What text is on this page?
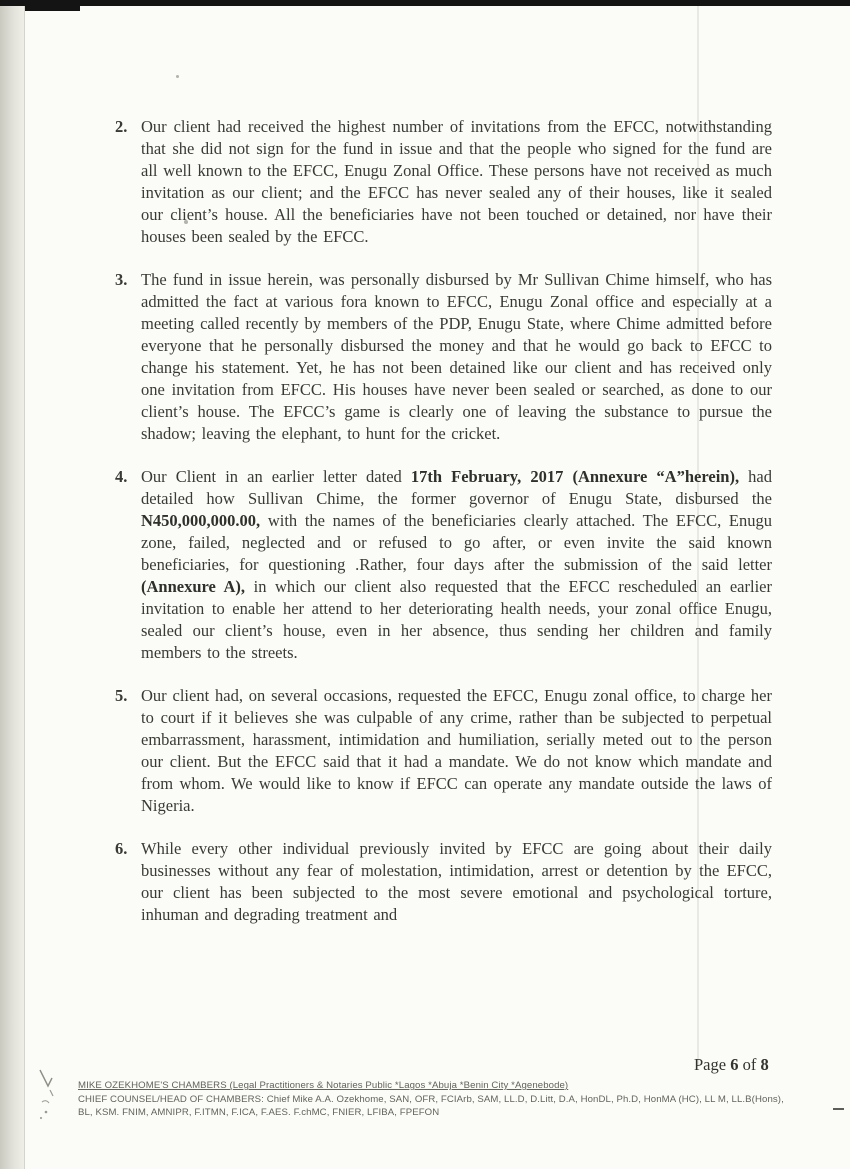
2. Our client had received the highest number of invitations from the EFCC, notwithstanding that she did not sign for the fund in issue and that the people who signed for the fund are all well known to the EFCC, Enugu Zonal Office. These persons have not received as much invitation as our client; and the EFCC has never sealed any of their houses, like it sealed our client’s house. All the beneficiaries have not been touched or detained, nor have their houses been sealed by the EFCC.
3. The fund in issue herein, was personally disbursed by Mr Sullivan Chime himself, who has admitted the fact at various fora known to EFCC, Enugu Zonal office and especially at a meeting called recently by members of the PDP, Enugu State, where Chime admitted before everyone that he personally disbursed the money and that he would go back to EFCC to change his statement. Yet, he has not been detained like our client and has received only one invitation from EFCC. His houses have never been sealed or searched, as done to our client’s house. The EFCC’s game is clearly one of leaving the substance to pursue the shadow; leaving the elephant, to hunt for the cricket.
4. Our Client in an earlier letter dated 17th February, 2017 (Annexure “A”herein), had detailed how Sullivan Chime, the former governor of Enugu State, disbursed the N450,000,000.00, with the names of the beneficiaries clearly attached. The EFCC, Enugu zone, failed, neglected and or refused to go after, or even invite the said known beneficiaries, for questioning .Rather, four days after the submission of the said letter (Annexure A), in which our client also requested that the EFCC rescheduled an earlier invitation to enable her attend to her deteriorating health needs, your zonal office Enugu, sealed our client’s house, even in her absence, thus sending her children and family members to the streets.
5. Our client had, on several occasions, requested the EFCC, Enugu zonal office, to charge her to court if it believes she was culpable of any crime, rather than be subjected to perpetual embarrassment, harassment, intimidation and humiliation, serially meted out to the person our client. But the EFCC said that it had a mandate. We do not know which mandate and from whom. We would like to know if EFCC can operate any mandate outside the laws of Nigeria.
6. While every other individual previously invited by EFCC are going about their daily businesses without any fear of molestation, intimidation, arrest or detention by the EFCC, our client has been subjected to the most severe emotional and psychological torture, inhuman and degrading treatment and
Page 6 of 8
MIKE OZEKHOME'S CHAMBERS (Legal Practitioners & Notaries Public *Lagos *Abuja *Benin City *Agenebode)
CHIEF COUNSEL/HEAD OF CHAMBERS: Chief Mike A.A. Ozekhome, SAN, OFR, FCIArb, SAM, LL.D, D.Litt, D.A, HonDL, Ph.D, HonMA (HC), LL M, LL.B(Hons),
BL, KSM. FNIM, AMNIPR, F.ITMN, F.ICA, F.AES. F.chMC, FNIER, LFIBA, FPEFON
